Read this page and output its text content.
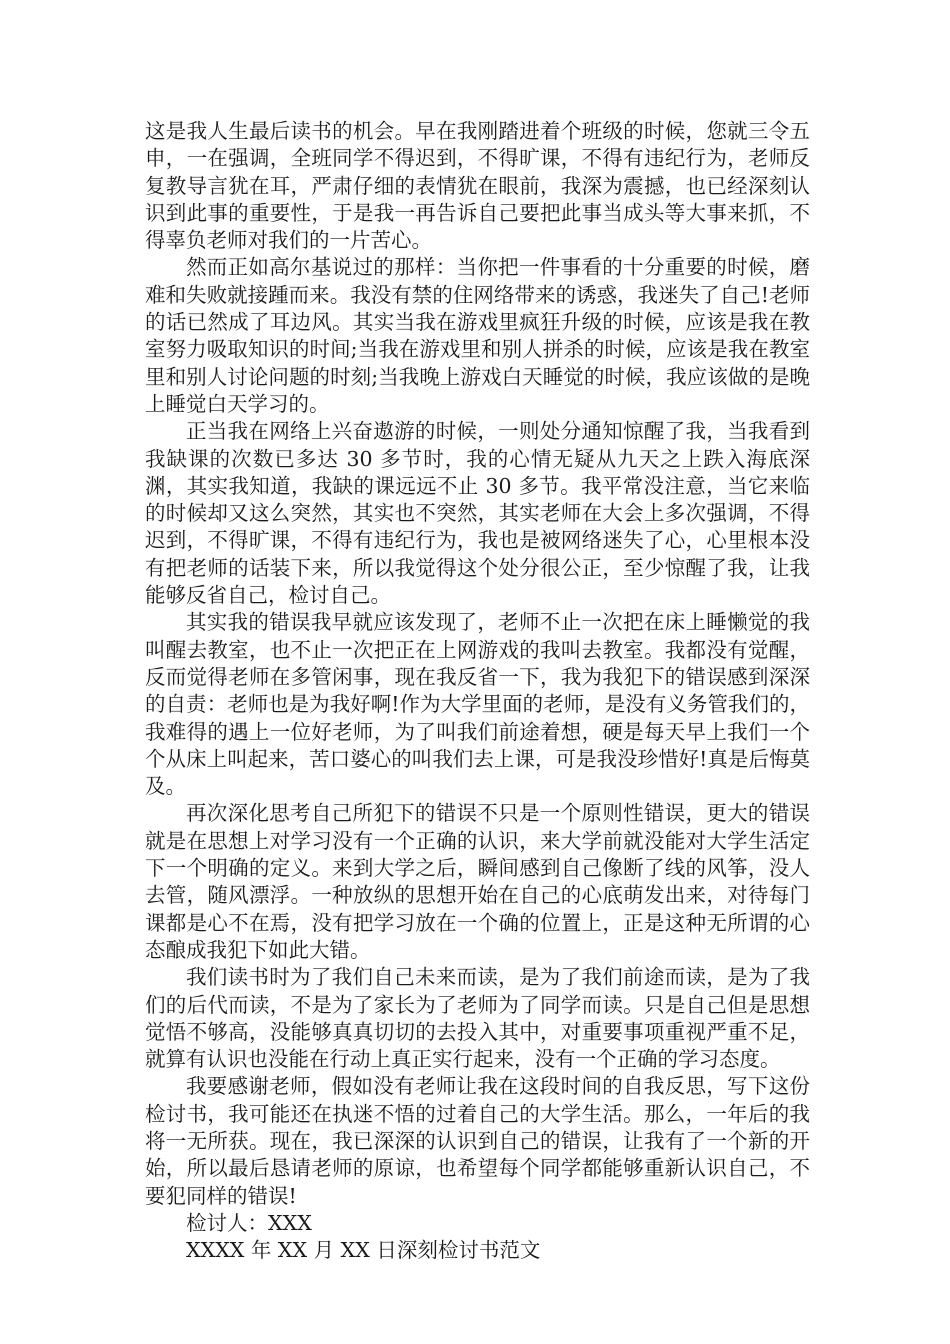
这是我人生最后读书的机会。早在我刚踏进着个班级的时候，您就三令五申，一在强调，全班同学不得迟到，不得旷课，不得有违纪行为，老师反复教导言犹在耳，严肃仔细的表情犹在眼前，我深为震撼，也已经深刻认识到此事的重要性，于是我一再告诉自己要把此事当成头等大事来抓，不得辜负老师对我们的一片苦心。

然而正如高尔基说过的那样：当你把一件事看的十分重要的时候，磨难和失败就接踵而来。我没有禁的住网络带来的诱惑，我迷失了自己!老师的话已然成了耳边风。其实当我在游戏里疯狂升级的时候，应该是我在教室努力吸取知识的时间;当我在游戏里和别人拼杀的时候，应该是我在教室里和别人讨论问题的时刻;当我晚上游戏白天睡觉的时候，我应该做的是晚上睡觉白天学习的。

正当我在网络上兴奋遨游的时候，一则处分通知惊醒了我，当我看到我缺课的次数已多达 30 多节时，我的心情无疑从九天之上跌入海底深渊，其实我知道，我缺的课远远不止 30 多节。我平常没注意，当它来临的时候却又这么突然，其实也不突然，其实老师在大会上多次强调，不得迟到，不得旷课，不得有违纪行为，我也是被网络迷失了心，心里根本没有把老师的话装下来，所以我觉得这个处分很公正，至少惊醒了我，让我能够反省自己，检讨自己。

其实我的错误我早就应该发现了，老师不止一次把在床上睡懒觉的我叫醒去教室，也不止一次把正在上网游戏的我叫去教室。我都没有觉醒，反而觉得老师在多管闲事，现在我反省一下，我为我犯下的错误感到深深的自责：老师也是为我好啊!作为大学里面的老师，是没有义务管我们的，我难得的遇上一位好老师，为了叫我们前途着想，硬是每天早上我们一个个从床上叫起来，苦口婆心的叫我们去上课，可是我没珍惜好!真是后悔莫及。

再次深化思考自己所犯下的错误不只是一个原则性错误，更大的错误就是在思想上对学习没有一个正确的认识，来大学前就没能对大学生活定下一个明确的定义。来到大学之后，瞬间感到自己像断了线的风筝，没人去管，随风漂浮。一种放纵的思想开始在自己的心底萌发出来，对待每门课都是心不在焉，没有把学习放在一个确的位置上，正是这种无所谓的心态酿成我犯下如此大错。

我们读书时为了我们自己未来而读，是为了我们前途而读，是为了我们的后代而读，不是为了家长为了老师为了同学而读。只是自己但是思想觉悟不够高，没能够真真切切的去投入其中，对重要事项重视严重不足，就算有认识也没能在行动上真正实行起来，没有一个正确的学习态度。

我要感谢老师，假如没有老师让我在这段时间的自我反思，写下这份检讨书，我可能还在执迷不悟的过着自己的大学生活。那么，一年后的我将一无所获。现在，我已深深的认识到自己的错误，让我有了一个新的开始，所以最后恳请老师的原谅，也希望每个同学都能够重新认识自己，不要犯同样的错误!

检讨人：XXX

XXXX 年 XX 月 XX 日深刻检讨书范文
